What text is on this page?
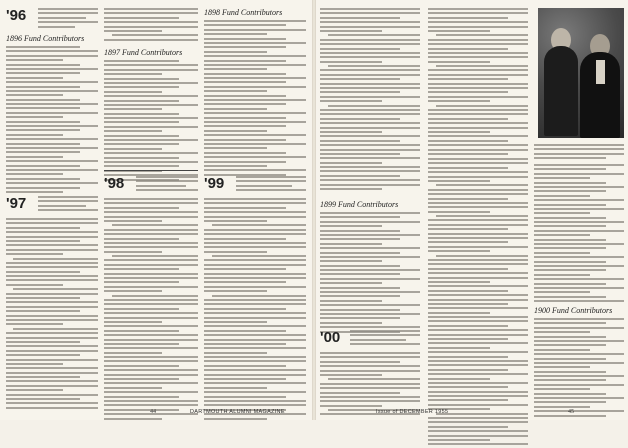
'96
1896 Fund Contributors
'97
1897 Fund Contributors
'98
1898 Fund Contributors
'99
44	DARTMOUTH ALUMNI MAGAZINE
1899 Fund Contributors
'00
1900 Fund Contributors
Issue of DECEMBER 1955	45
